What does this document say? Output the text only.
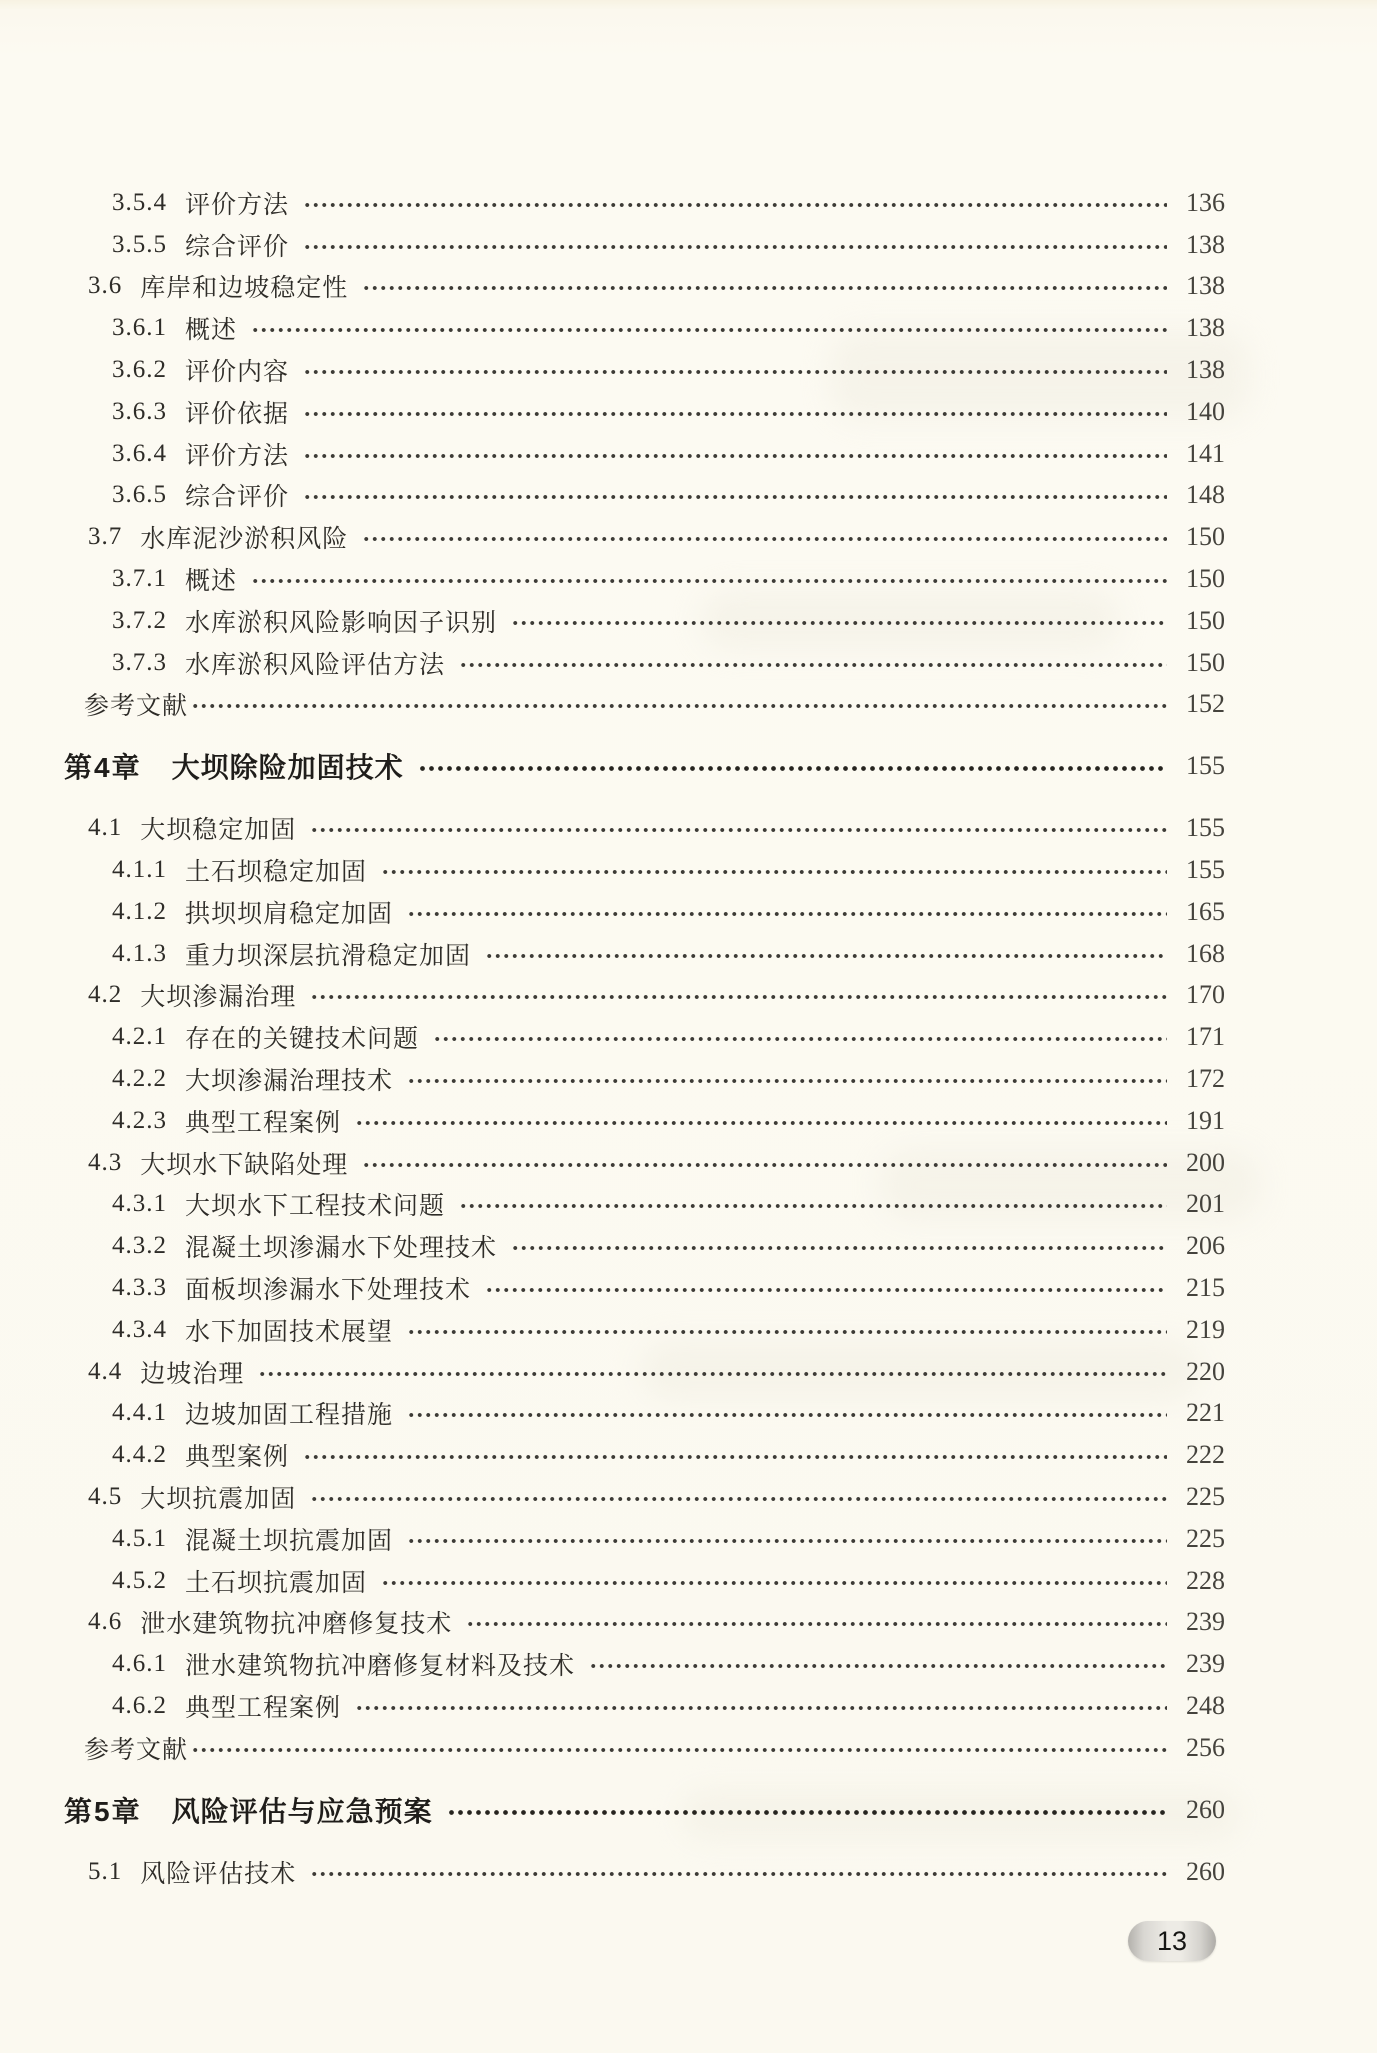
3.5.4 评价方法	136
3.5.5 综合评价	138
3.6 库岸和边坡稳定性	138
3.6.1 概述	138
3.6.2 评价内容	138
3.6.3 评价依据	140
3.6.4 评价方法	141
3.6.5 综合评价	148
3.7 水库泥沙淤积风险	150
3.7.1 概述	150
3.7.2 水库淤积风险影响因子识别	150
3.7.3 水库淤积风险评估方法	150
参考文献	152
第4章 大坝除险加固技术	155
4.1 大坝稳定加固	155
4.1.1 土石坝稳定加固	155
4.1.2 拱坝坝肩稳定加固	165
4.1.3 重力坝深层抗滑稳定加固	168
4.2 大坝渗漏治理	170
4.2.1 存在的关键技术问题	171
4.2.2 大坝渗漏治理技术	172
4.2.3 典型工程案例	191
4.3 大坝水下缺陷处理	200
4.3.1 大坝水下工程技术问题	201
4.3.2 混凝土坝渗漏水下处理技术	206
4.3.3 面板坝渗漏水下处理技术	215
4.3.4 水下加固技术展望	219
4.4 边坡治理	220
4.4.1 边坡加固工程措施	221
4.4.2 典型案例	222
4.5 大坝抗震加固	225
4.5.1 混凝土坝抗震加固	225
4.5.2 土石坝抗震加固	228
4.6 泄水建筑物抗冲磨修复技术	239
4.6.1 泄水建筑物抗冲磨修复材料及技术	239
4.6.2 典型工程案例	248
参考文献	256
第5章 风险评估与应急预案	260
5.1 风险评估技术	260
13
